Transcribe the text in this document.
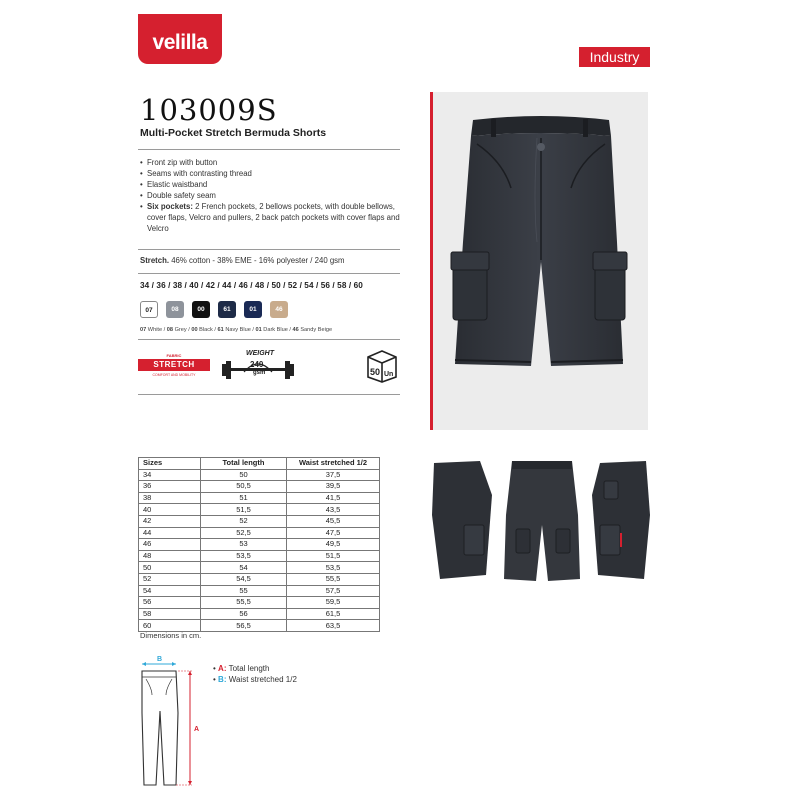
velilla
Industry
103009S
Multi-Pocket Stretch Bermuda Shorts
• Front zip with button
• Seams with contrasting thread
• Elastic waistband
• Double safety seam
• Six pockets: 2 French pockets, 2 bellows pockets, with double bellows, cover flaps, Velcro and pullers, 2 back patch pockets with cover flaps and Velcro
Stretch. 46% cotton - 38% EME - 16% polyester / 240 gsm
34 / 36 / 38 / 40 / 42 / 44 / 46 / 48 / 50 / 52 / 54 / 56 / 58 / 60
07	08	00	61	01	46
07 White / 08 Grey / 00 Black / 61 Navy Blue / 01 Dark Blue / 46 Sandy Beige
FABRIC
STRETCH
COMFORT AND MOBILITY
WEIGHT
240
gsm	50 Un
Sizes	Total length	Waist stretched 1/2
34	50	37,5
36	50,5	39,5
38	51	41,5
40	51,5	43,5
42	52	45,5
44	52,5	47,5
46	53	49,5
48	53,5	51,5
50	54	53,5
52	54,5	55,5
54	55	57,5
56	55,5	59,5
58	56	61,5
60	56,5	63,5
Dimensions in cm.
B
A
• A: Total length
• B: Waist stretched 1/2
